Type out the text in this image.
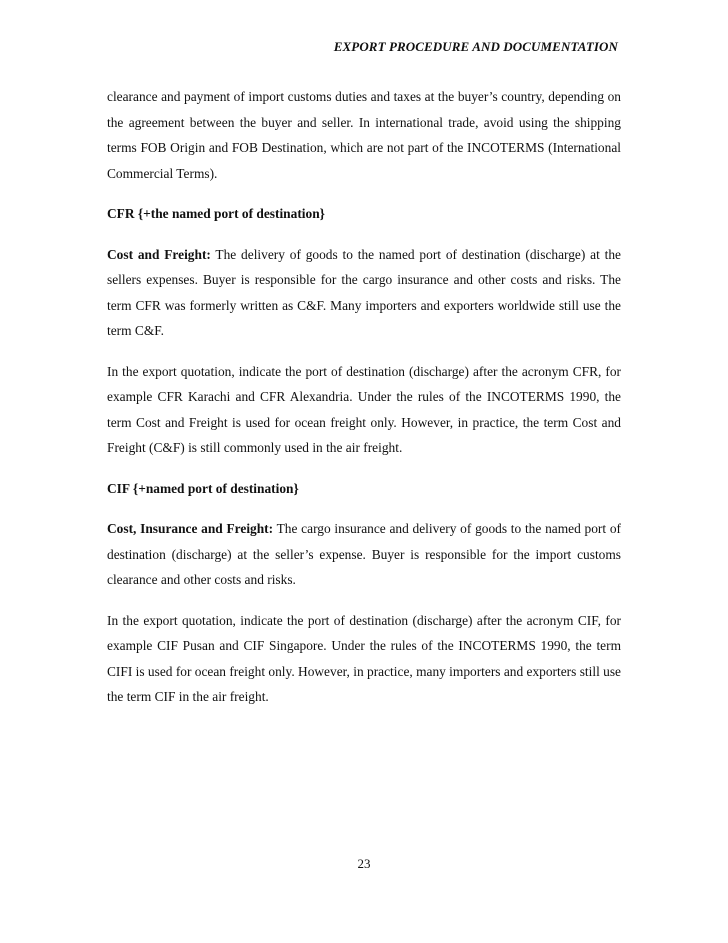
EXPORT PROCEDURE AND DOCUMENTATION

clearance and payment of import customs duties and taxes at the buyer’s country, depending on the agreement between the buyer and seller. In international trade, avoid using the shipping terms FOB Origin and FOB Destination, which are not part of the INCOTERMS (International Commercial Terms).

CFR {+the named port of destination}

Cost and Freight: The delivery of goods to the named port of destination (discharge) at the sellers expenses. Buyer is responsible for the cargo insurance and other costs and risks. The term CFR was formerly written as C&F. Many importers and exporters worldwide still use the term C&F.

In the export quotation, indicate the port of destination (discharge) after the acronym CFR, for example CFR Karachi and CFR Alexandria. Under the rules of the INCOTERMS 1990, the term Cost and Freight is used for ocean freight only. However, in practice, the term Cost and Freight (C&F) is still commonly used in the air freight.

CIF {+named port of destination}

Cost, Insurance and Freight: The cargo insurance and delivery of goods to the named port of destination (discharge) at the seller’s expense. Buyer is responsible for the import customs clearance and other costs and risks.

In the export quotation, indicate the port of destination (discharge) after the acronym CIF, for example CIF Pusan and CIF Singapore. Under the rules of the INCOTERMS 1990, the term CIFI is used for ocean freight only. However, in practice, many importers and exporters still use the term CIF in the air freight.

23
